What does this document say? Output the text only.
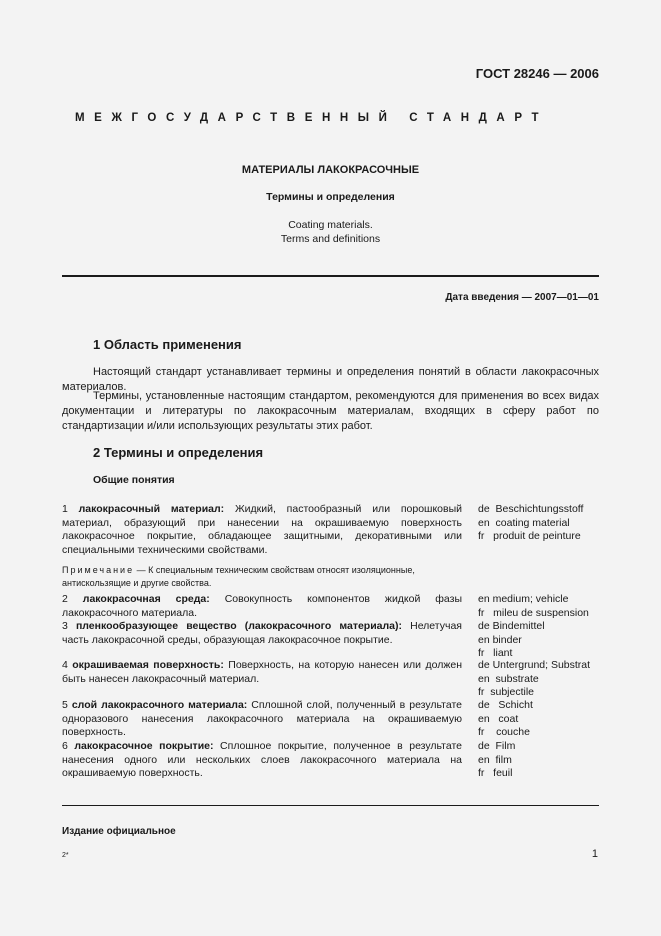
ГОСТ 28246 — 2006
МЕЖГОСУДАРСТВЕННЫЙ СТАНДАРТ
МАТЕРИАЛЫ ЛАКОКРАСОЧНЫЕ
Термины и определения
Coating materials.
Terms and definitions
Дата введения — 2007—01—01
1 Область применения
Настоящий стандарт устанавливает термины и определения понятий в области лакокрасочных материалов.
Термины, установленные настоящим стандартом, рекомендуются для применения во всех видах документации и литературы по лакокрасочным материалам, входящих в сферу работ по стандартизации и/или использующих результаты этих работ.
2 Термины и определения
Общие понятия
1 лакокрасочный материал: Жидкий, пастообразный или порошковый материал, образующий при нанесении на окрашиваемую поверхность лакокрасочное покрытие, обладающее защитными, декоративными или специальными техническими свойствами.
de  Beschichtungsstoff
en  coating material
fr   produit de peinture
Примечание — К специальным техническим свойствам относят изоляционные, антискользящие и другие свойства.
2 лакокрасочная среда: Совокупность компонентов жидкой фазы лакокрасочного материала.
en medium; vehicle
fr   mileu de suspension
3 пленкообразующее вещество (лакокрасочного материала): Нелетучая часть лакокрасочной среды, образующая лакокрасочное покрытие.
de Bindemittel
en binder
fr   liant
4 окрашиваемая поверхность: Поверхность, на которую нанесен или должен быть нанесен лакокрасочный материал.
de Untergrund; Substrat
en  substrate
fr  subjectile
5 слой лакокрасочного материала: Сплошной слой, полученный в результате одноразового нанесения лакокрасочного материала на окрашиваемую поверхность.
de   Schicht
en   coat
fr    couche
6 лакокрасочное покрытие: Сплошное покрытие, полученное в результате нанесения одного или нескольких слоев лакокрасочного материала на окрашиваемую поверхность.
de  Film
en  film
fr   feuil
Издание официальное
2*	1
